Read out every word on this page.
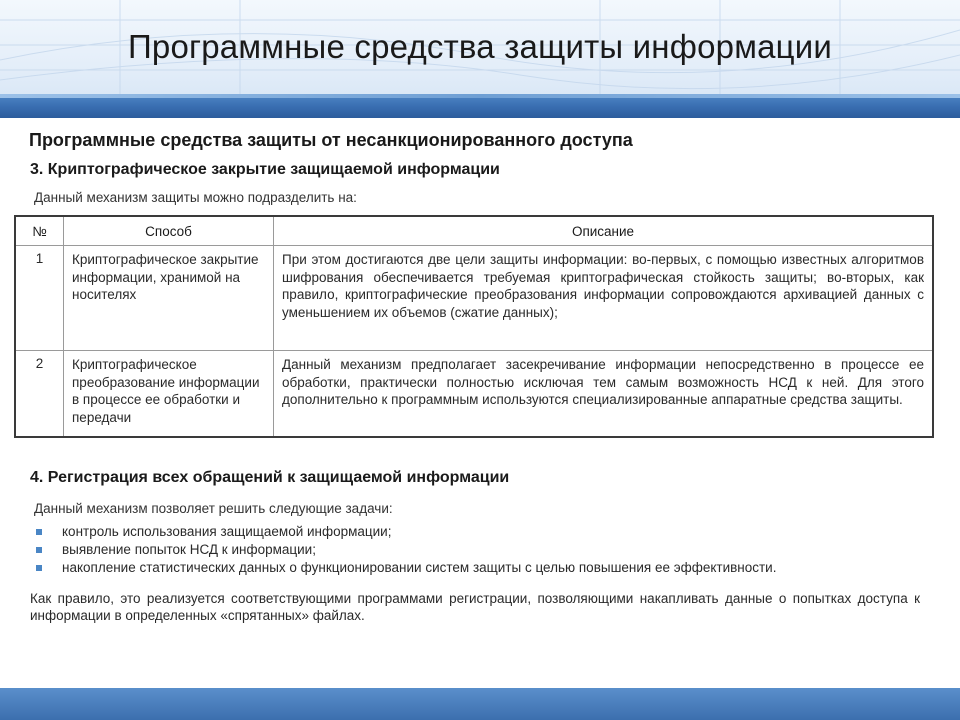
Программные средства защиты информации
Программные средства защиты от несанкционированного доступа
3. Криптографическое закрытие защищаемой информации
Данный механизм защиты можно подразделить на:
№	Способ	Описание
1	Криптографическое закрытие информации, хранимой на носителях	При этом достигаются две цели защиты информации: во-первых, с помощью известных алгоритмов шифрования обеспечивается требуемая криптографическая стойкость защиты; во-вторых, как правило, криптографические преобразования информации сопровождаются архивацией данных с уменьшением их объемов (сжатие данных);
2	Криптографическое преобразование информации в процессе ее обработки и передачи	Данный механизм предполагает засекречивание информации непосредственно в процессе ее обработки, практически полностью исключая тем самым возможность НСД к ней. Для этого дополнительно к программным используются специализированные аппаратные средства защиты.
4. Регистрация всех обращений к защищаемой информации
Данный механизм позволяет решить следующие задачи:
контроль использования защищаемой информации;
выявление попыток НСД к информации;
накопление статистических данных о функционировании систем защиты с целью повышения ее эффективности.
Как правило, это реализуется соответствующими программами регистрации, позволяющими накапливать данные о попытках доступа к информации в определенных «спрятанных» файлах.
